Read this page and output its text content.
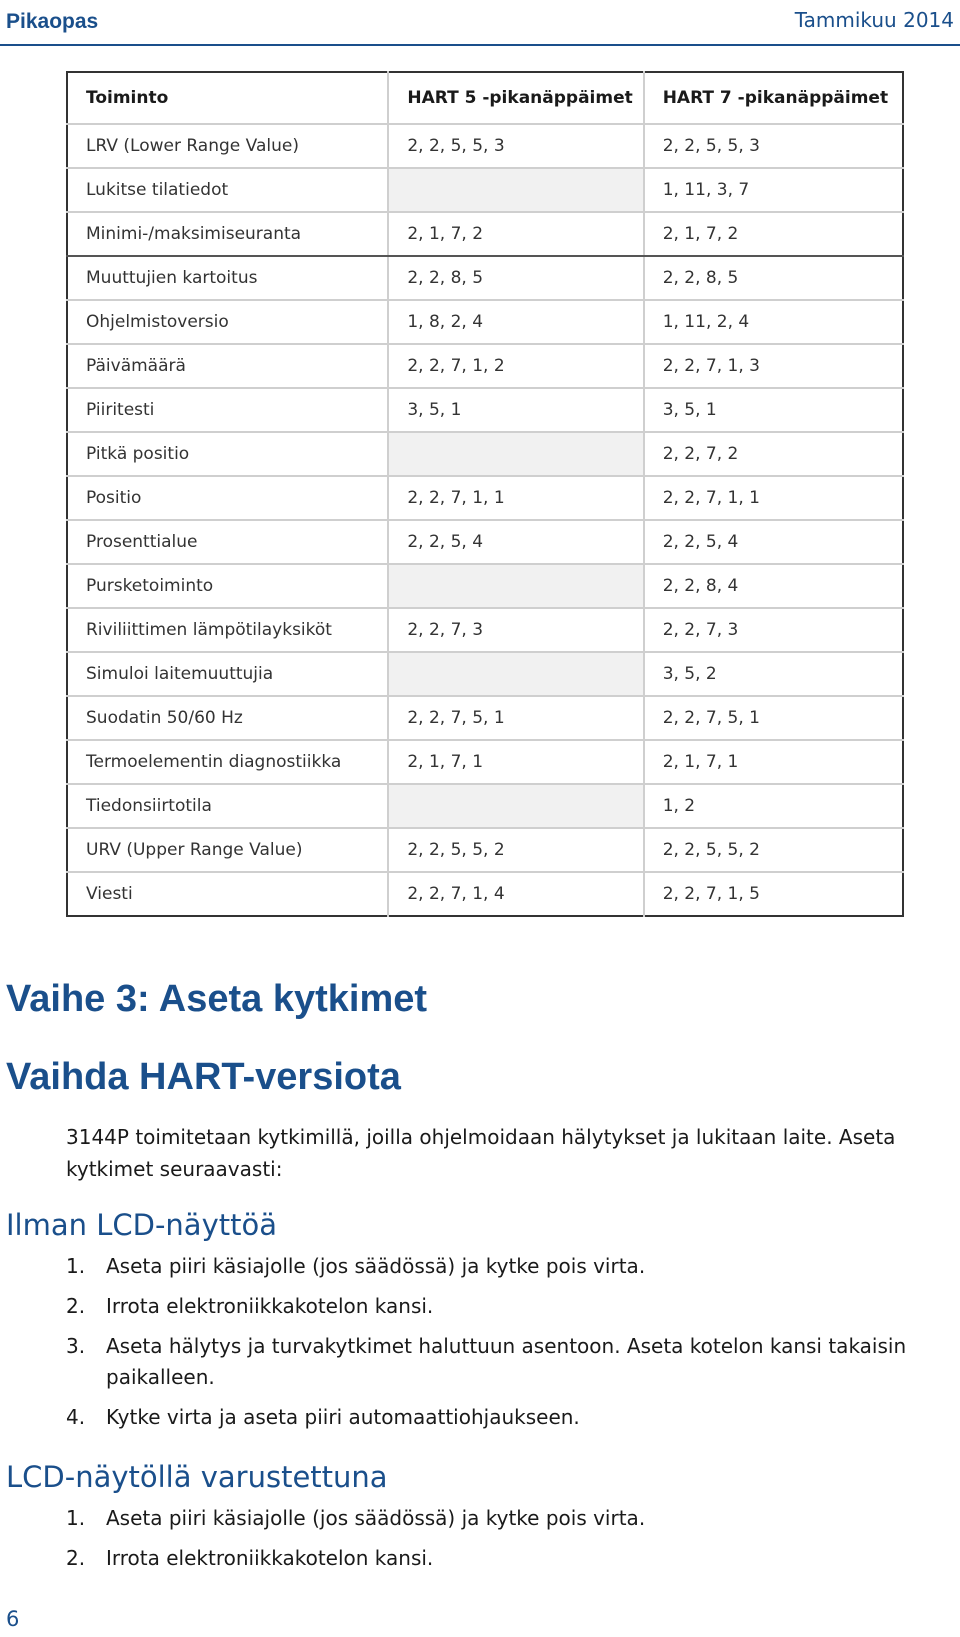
Pikaopas	Tammikuu 2014
Toiminto	HART 5 -pikanäppäimet	HART 7 -pikanäppäimet
LRV (Lower Range Value)	2, 2, 5, 5, 3	2, 2, 5, 5, 3
Lukitse tilatiedot		1, 11, 3, 7
Minimi-/maksimiseuranta	2, 1, 7, 2	2, 1, 7, 2
Muuttujien kartoitus	2, 2, 8, 5	2, 2, 8, 5
Ohjelmistoversio	1, 8, 2, 4	1, 11, 2, 4
Päivämäärä	2, 2, 7, 1, 2	2, 2, 7, 1, 3
Piiritesti	3, 5, 1	3, 5, 1
Pitkä positio		2, 2, 7, 2
Positio	2, 2, 7, 1, 1	2, 2, 7, 1, 1
Prosenttialue	2, 2, 5, 4	2, 2, 5, 4
Pursketoiminto		2, 2, 8, 4
Riviliittimen lämpötilayksiköt	2, 2, 7, 3	2, 2, 7, 3
Simuloi laitemuuttujia		3, 5, 2
Suodatin 50/60 Hz	2, 2, 7, 5, 1	2, 2, 7, 5, 1
Termoelementin diagnostiikka	2, 1, 7, 1	2, 1, 7, 1
Tiedonsiirtotila		1, 2
URV (Upper Range Value)	2, 2, 5, 5, 2	2, 2, 5, 5, 2
Viesti	2, 2, 7, 1, 4	2, 2, 7, 1, 5
Vaihe 3: Aseta kytkimet
Vaihda HART-versiota
3144P toimitetaan kytkimillä, joilla ohjelmoidaan hälytykset ja lukitaan laite. Aseta kytkimet seuraavasti:
Ilman LCD-näyttöä
1. Aseta piiri käsiajolle (jos säädössä) ja kytke pois virta.
2. Irrota elektroniikkakotelon kansi.
3. Aseta hälytys ja turvakytkimet haluttuun asentoon. Aseta kotelon kansi takaisin paikalleen.
4. Kytke virta ja aseta piiri automaattiohjaukseen.
LCD-näytöllä varustettuna
1. Aseta piiri käsiajolle (jos säädössä) ja kytke pois virta.
2. Irrota elektroniikkakotelon kansi.
6
